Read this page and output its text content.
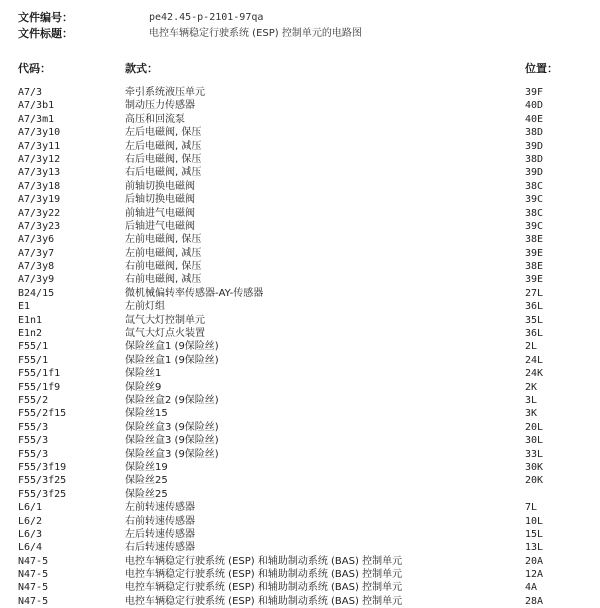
文件编号：	pe42.45-p-2101-97qa
文件标题：	电控车辆稳定行驶系统 (ESP) 控制单元的电路图
代码：	款式：	位置：
A7/3	牵引系统液压单元	39F
A7/3b1	制动压力传感器	40D
A7/3m1	高压和回流泵	40E
A7/3y10	左后电磁阀, 保压	38D
A7/3y11	左后电磁阀, 减压	39D
A7/3y12	右后电磁阀, 保压	38D
A7/3y13	右后电磁阀, 减压	39D
A7/3y18	前轴切换电磁阀	38C
A7/3y19	后轴切换电磁阀	39C
A7/3y22	前轴进气电磁阀	38C
A7/3y23	后轴进气电磁阀	39C
A7/3y6	左前电磁阀, 保压	38E
A7/3y7	左前电磁阀, 减压	39E
A7/3y8	右前电磁阀, 保压	38E
A7/3y9	右前电磁阀, 减压	39E
B24/15	微机械偏转率传感器-AY-传感器	27L
E1	左前灯组	36L
E1n1	氙气大灯控制单元	35L
E1n2	氙气大灯点火装置	36L
F55/1	保险丝盒1 (9保险丝)	2L
F55/1	保险丝盒1 (9保险丝)	24L
F55/1f1	保险丝1	24K
F55/1f9	保险丝9	2K
F55/2	保险丝盒2 (9保险丝)	3L
F55/2f15	保险丝15	3K
F55/3	保险丝盒3 (9保险丝)	20L
F55/3	保险丝盒3 (9保险丝)	30L
F55/3	保险丝盒3 (9保险丝)	33L
F55/3f19	保险丝19	30K
F55/3f25	保险丝25	20K
F55/3f25	保险丝25
L6/1	左前转速传感器	7L
L6/2	右前转速传感器	10L
L6/3	左后转速传感器	15L
L6/4	右后转速传感器	13L
N47-5	电控车辆稳定行驶系统 (ESP) 和辅助制动系统 (BAS) 控制单元	20A
N47-5	电控车辆稳定行驶系统 (ESP) 和辅助制动系统 (BAS) 控制单元	12A
N47-5	电控车辆稳定行驶系统 (ESP) 和辅助制动系统 (BAS) 控制单元	4A
N47-5	电控车辆稳定行驶系统 (ESP) 和辅助制动系统 (BAS) 控制单元	28A
